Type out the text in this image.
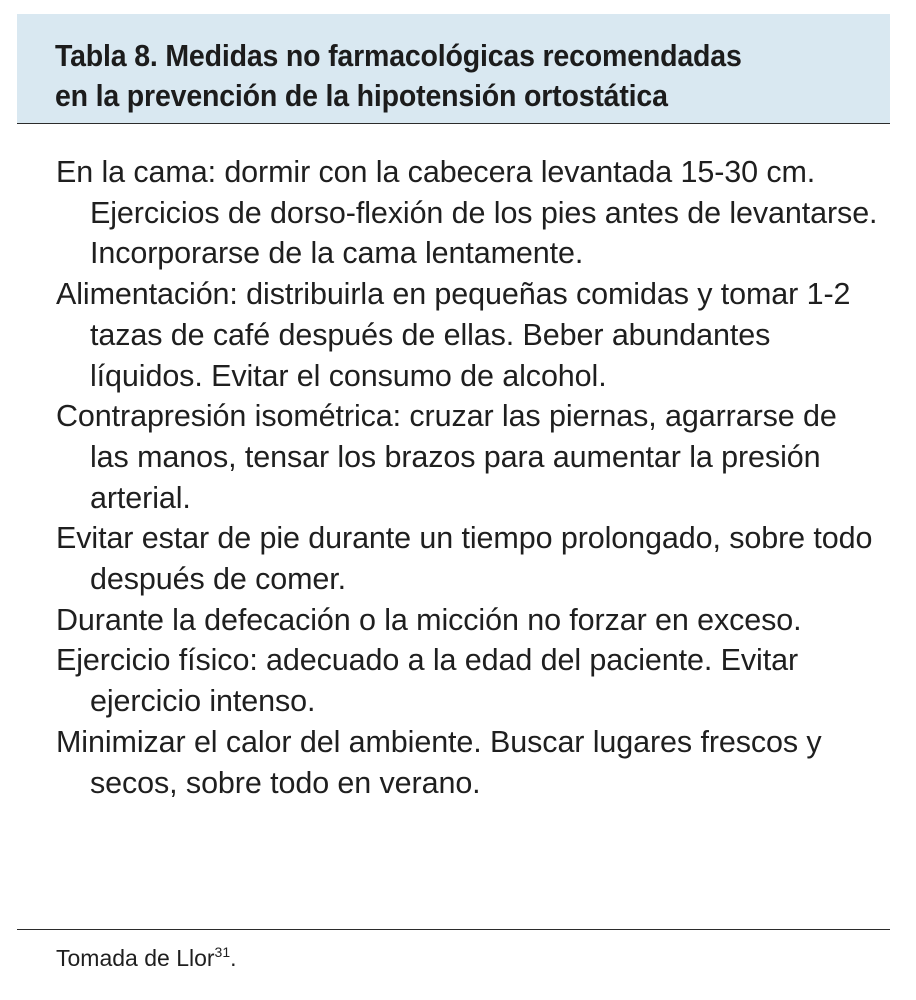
Tabla 8. Medidas no farmacológicas recomendadas
en la prevención de la hipotensión ortostática
En la cama: dormir con la cabecera levantada 15-30 cm. Ejercicios de dorso-flexión de los pies antes de levantarse. Incorporarse de la cama lentamente.
Alimentación: distribuirla en pequeñas comidas y tomar 1-2 tazas de café después de ellas. Beber abundantes líquidos. Evitar el consumo de alcohol.
Contrapresión isométrica: cruzar las piernas, agarrarse de las manos, tensar los brazos para aumentar la presión arterial.
Evitar estar de pie durante un tiempo prolongado, sobre todo después de comer.
Durante la defecación o la micción no forzar en exceso.
Ejercicio físico: adecuado a la edad del paciente. Evitar ejercicio intenso.
Minimizar el calor del ambiente. Buscar lugares frescos y secos, sobre todo en verano.

Tomada de Llor$^{31}$.
